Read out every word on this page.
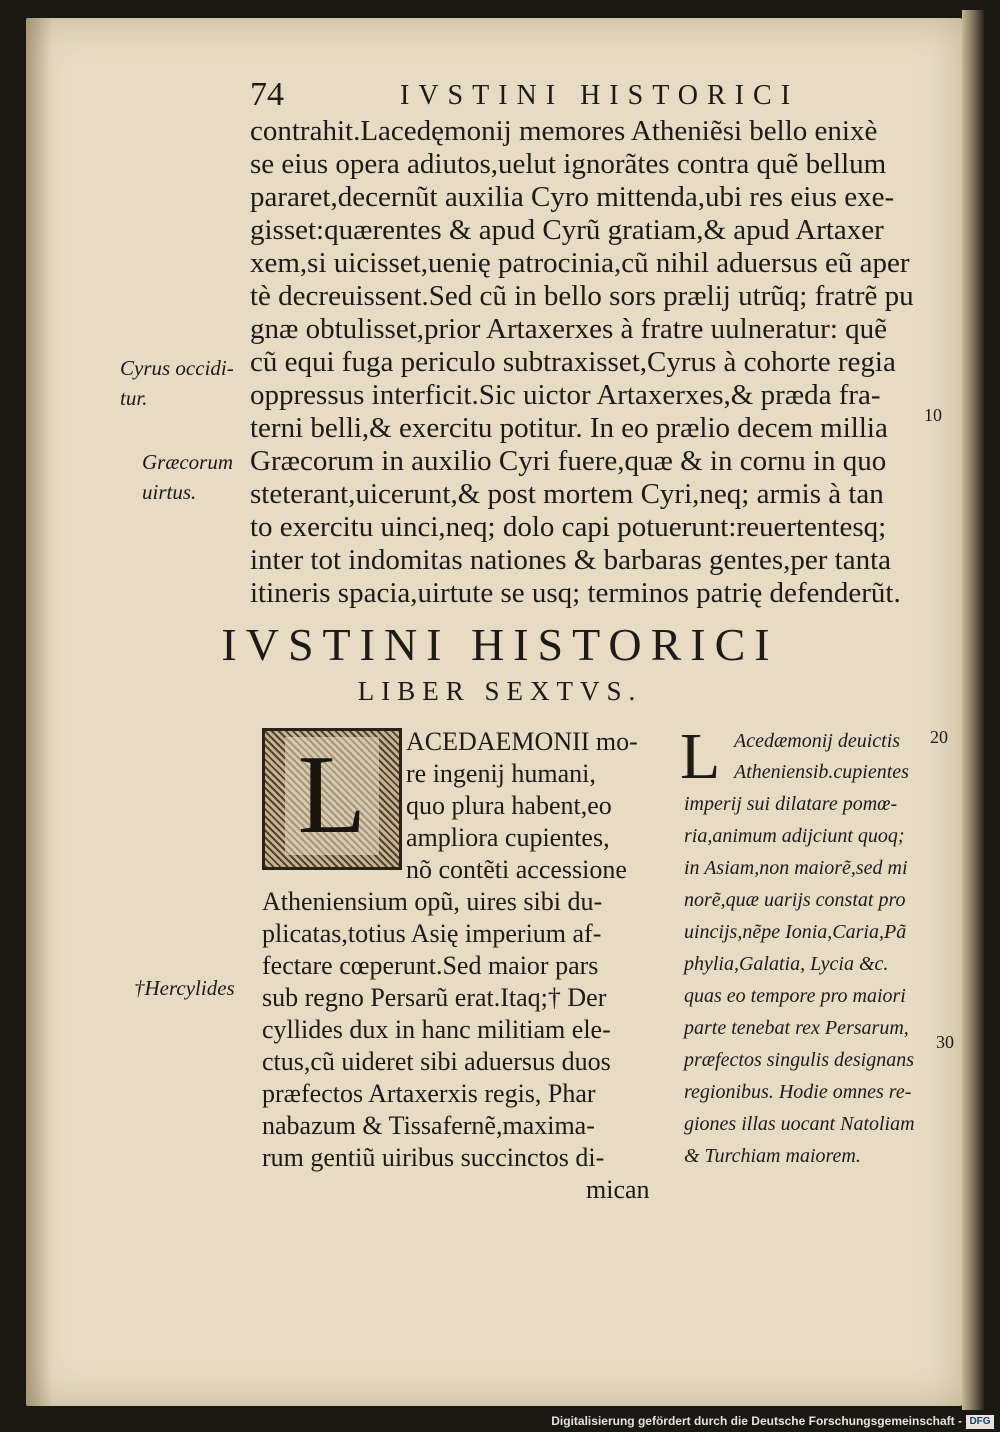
74	IVSTINI HISTORICI
contrahit.Lacedęmonij memores Atheniẽsi bello enixè
se eius opera adiutos,uelut ignorãtes contra quẽ bellum
pararet,decernũt auxilia Cyro mittenda,ubi res eius exe-
gisset:quærentes & apud Cyrũ gratiam,& apud Artaxer
xem,si uicisset,uenię patrocinia,cũ nihil aduersus eũ aper
tè decreuissent.Sed cũ in bello sors prælij utrũq; fratrẽ pu
gnæ obtulisset,prior Artaxerxes à fratre uulneratur: quẽ
cũ equi fuga periculo subtraxisset,Cyrus à cohorte regia
oppressus interficit.Sic uictor Artaxerxes,& præda fra-
terni belli,& exercitu potitur. In eo prælio decem millia
Græcorum in auxilio Cyri fuere,quæ & in cornu in quo
steterant,uicerunt,& post mortem Cyri,neq; armis à tan
to exercitu uinci,neq; dolo capi potuerunt:reuertentesq;
inter tot indomitas nationes & barbaras gentes,per tanta
itineris spacia,uirtute se usq; terminos patrię defenderũt.
Cyrus occidi-
tur.
Græcorum
uirtus.
†Hercylides
10
20
30
IVSTINI HISTORICI
LIBER SEXTVS.
L	ACEDAEMONII mo-
re ingenij humani,
quo plura habent,eo
ampliora cupientes,
nõ contẽti accessione
Atheniensium opũ, uires sibi du-
plicatas,totius Asię imperium af-
fectare cœperunt.Sed maior pars
sub regno Persarũ erat.Itaq;† Der
cyllides dux in hanc militiam ele-
ctus,cũ uideret sibi aduersus duos
præfectos Artaxerxis regis, Phar
nabazum & Tissafernẽ,maxima-
rum gentiũ uiribus succinctos di-
mican
L Acedæmonij deuictis
Atheniensib.cupientes
imperij sui dilatare pomœ-
ria,animum adijciunt quoq;
in Asiam,non maiorẽ,sed mi
norẽ,quæ uarijs constat pro
uincijs,nẽpe Ionia,Caria,Pã
phylia,Galatia, Lycia &c.
quas eo tempore pro maiori
parte tenebat rex Persarum,
præfectos singulis designans
regionibus. Hodie omnes re-
giones illas uocant Natoliam
& Turchiam maiorem.
Digitalisierung gefördert durch die Deutsche Forschungsgemeinschaft - DFG
